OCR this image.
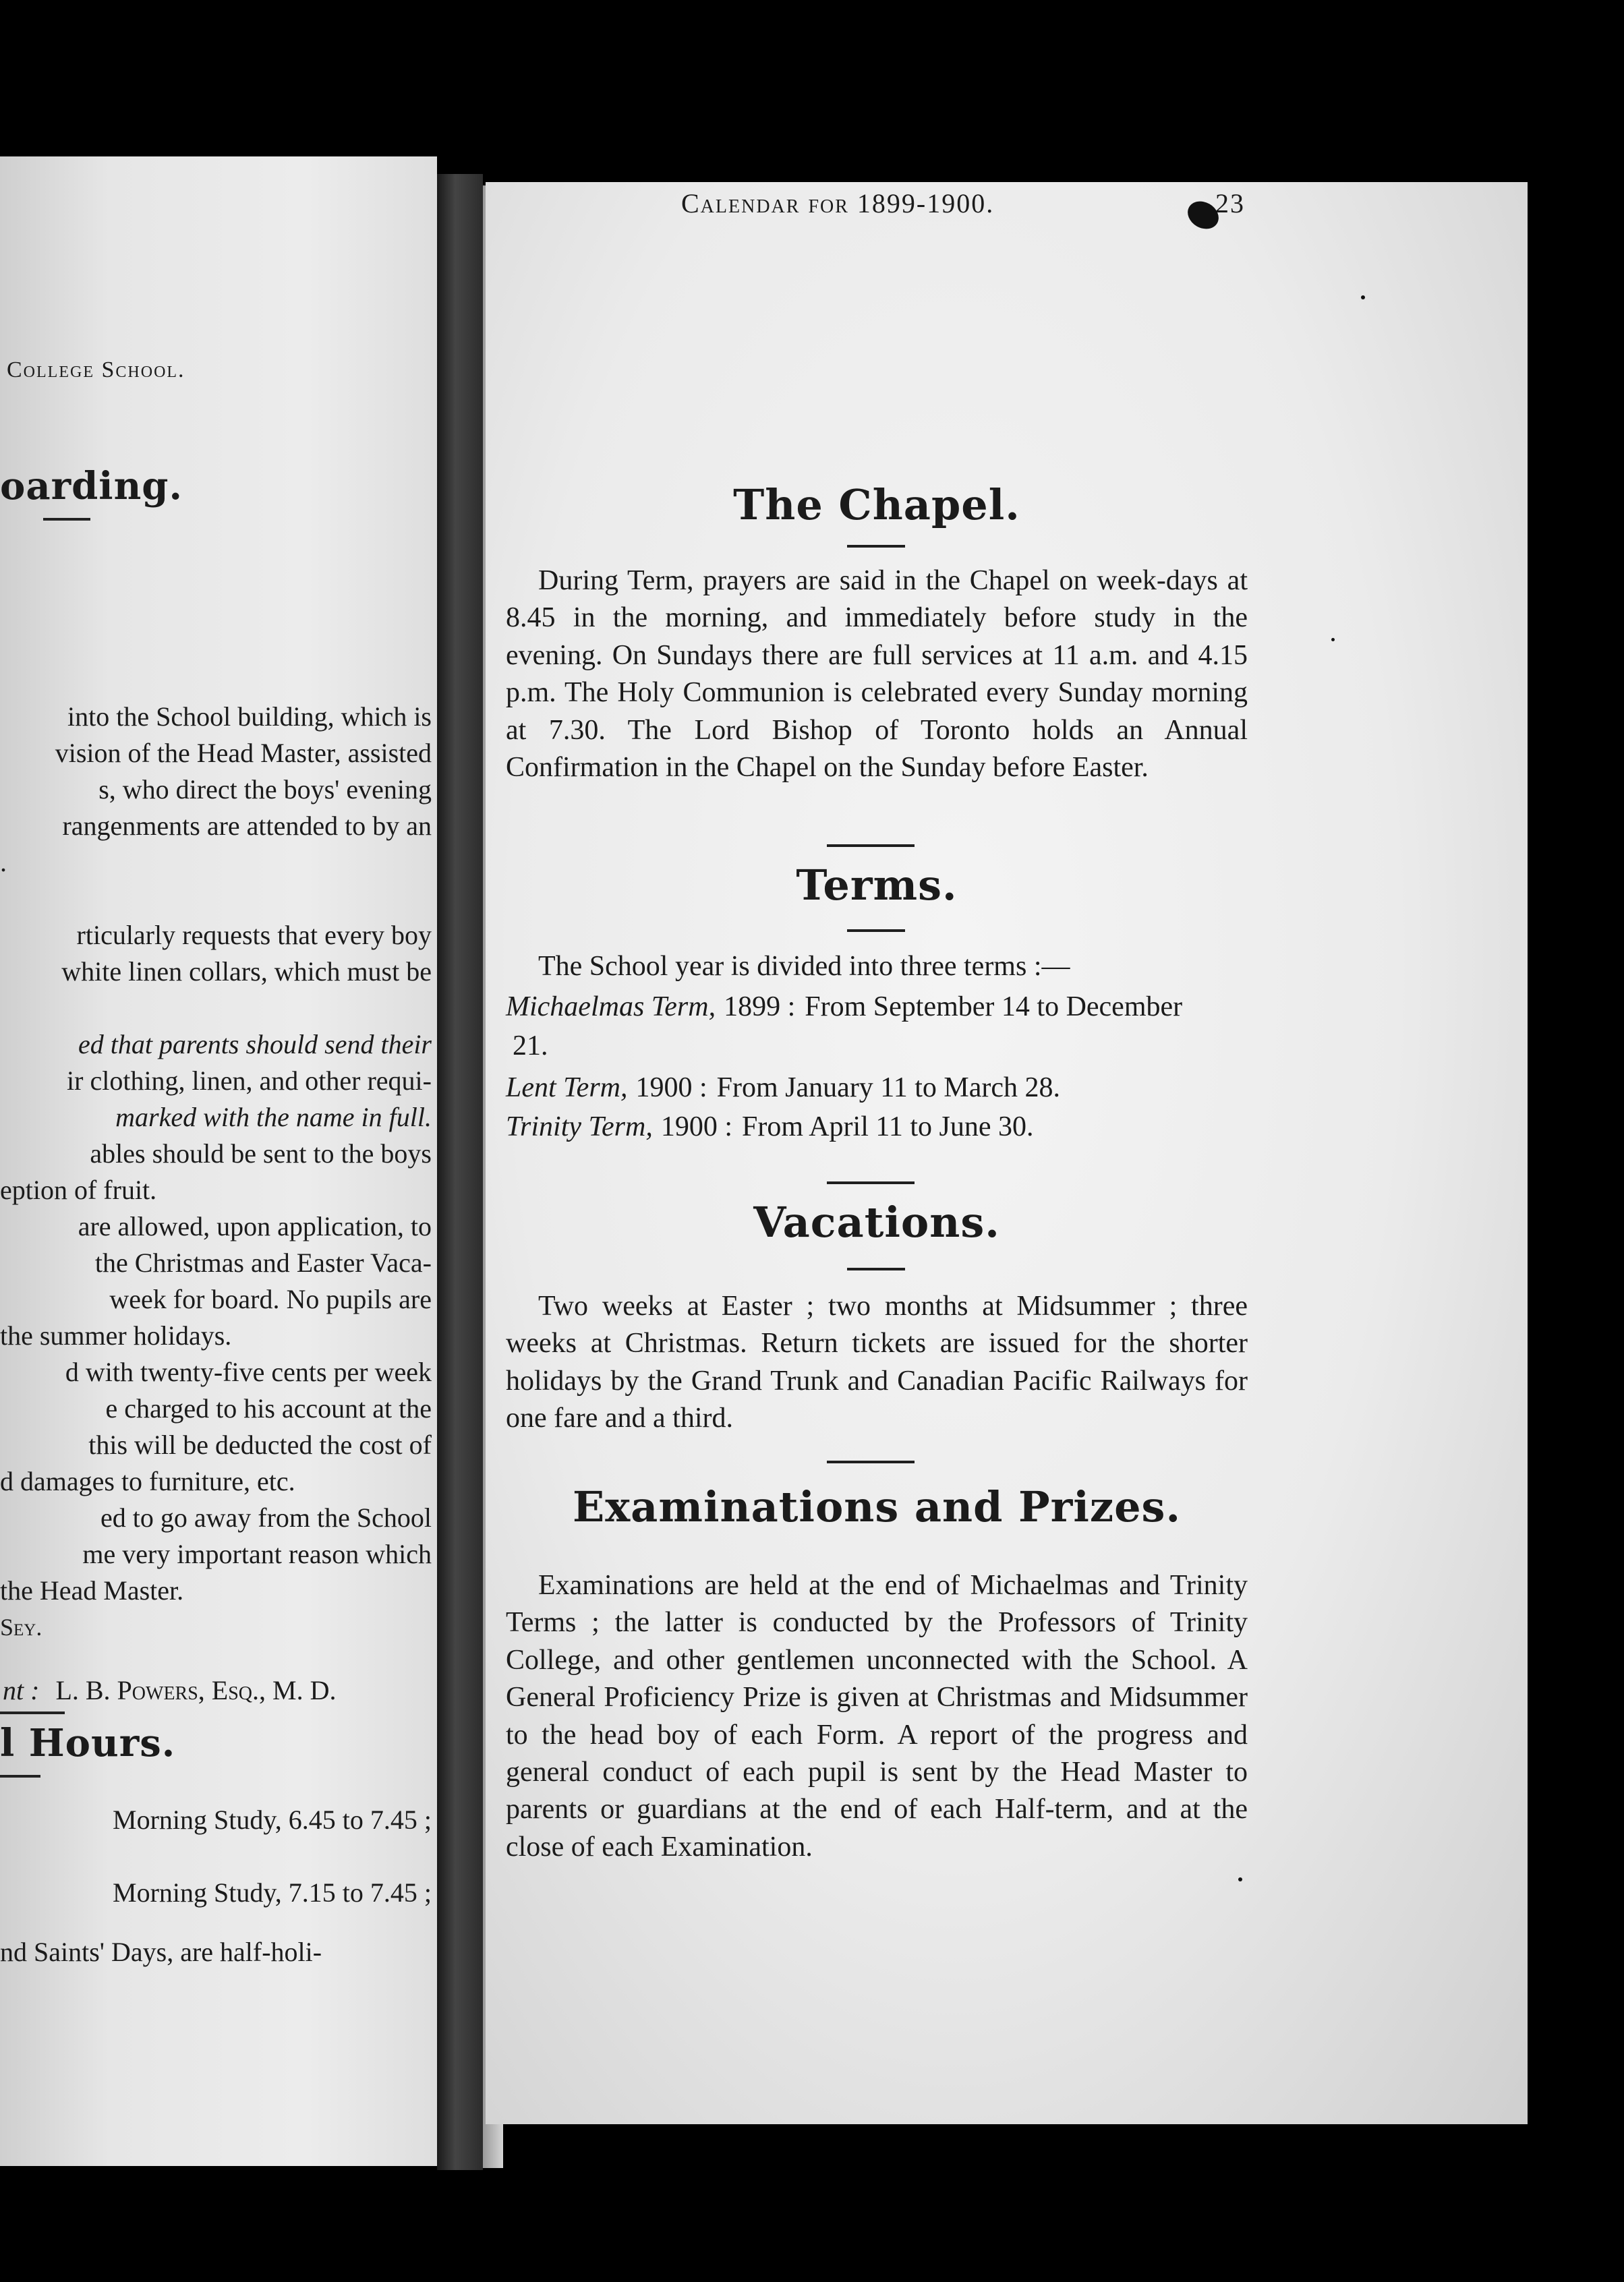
College School.
oarding.
into the School building, which is
vision of the Head Master, assisted
s, who direct the boys' evening
rangenments are attended to by an
.
rticularly requests that every boy
white linen collars, which must be
ed that parents should send their
ir clothing, linen, and other requi-
marked with the name in full.
ables should be sent to the boys
eption of fruit.
are allowed, upon application, to
the Christmas and Easter Vaca-
week for board. No pupils are
the summer holidays.
d with twenty-five cents per week
e charged to his account at the
this will be deducted the cost of
d damages to furniture, etc.
ed to go away from the School
me very important reason which
the Head Master.
Sey.
nt : L. B. Powers, Esq., M. D.
l Hours.
Morning Study, 6.45 to 7.45 ;
Morning Study, 7.15 to 7.45 ;
nd Saints' Days, are half-holi-
Calendar for 1899-1900.	23
The Chapel.
During Term, prayers are said in the Chapel on week-days at 8.45 in the morning, and immediately before study in the evening. On Sundays there are full services at 11 a.m. and 4.15 p.m. The Holy Communion is celebrated every Sunday morning at 7.30. The Lord Bishop of Toronto holds an Annual Confirmation in the Chapel on the Sunday before Easter.
Terms.
The School year is divided into three terms :—
Michaelmas Term, 1899 : From September 14 to December
21.
Lent Term, 1900 : From January 11 to March 28.
Trinity Term, 1900 : From April 11 to June 30.
Vacations.
Two weeks at Easter ; two months at Midsummer ; three weeks at Christmas. Return tickets are issued for the shorter holidays by the Grand Trunk and Canadian Pacific Railways for one fare and a third.
Examinations and Prizes.
Examinations are held at the end of Michaelmas and Trinity Terms ; the latter is conducted by the Professors of Trinity College, and other gentlemen unconnected with the School. A General Proficiency Prize is given at Christmas and Midsummer to the head boy of each Form. A report of the progress and general conduct of each pupil is sent by the Head Master to parents or guardians at the end of each Half-term, and at the close of each Examination.
